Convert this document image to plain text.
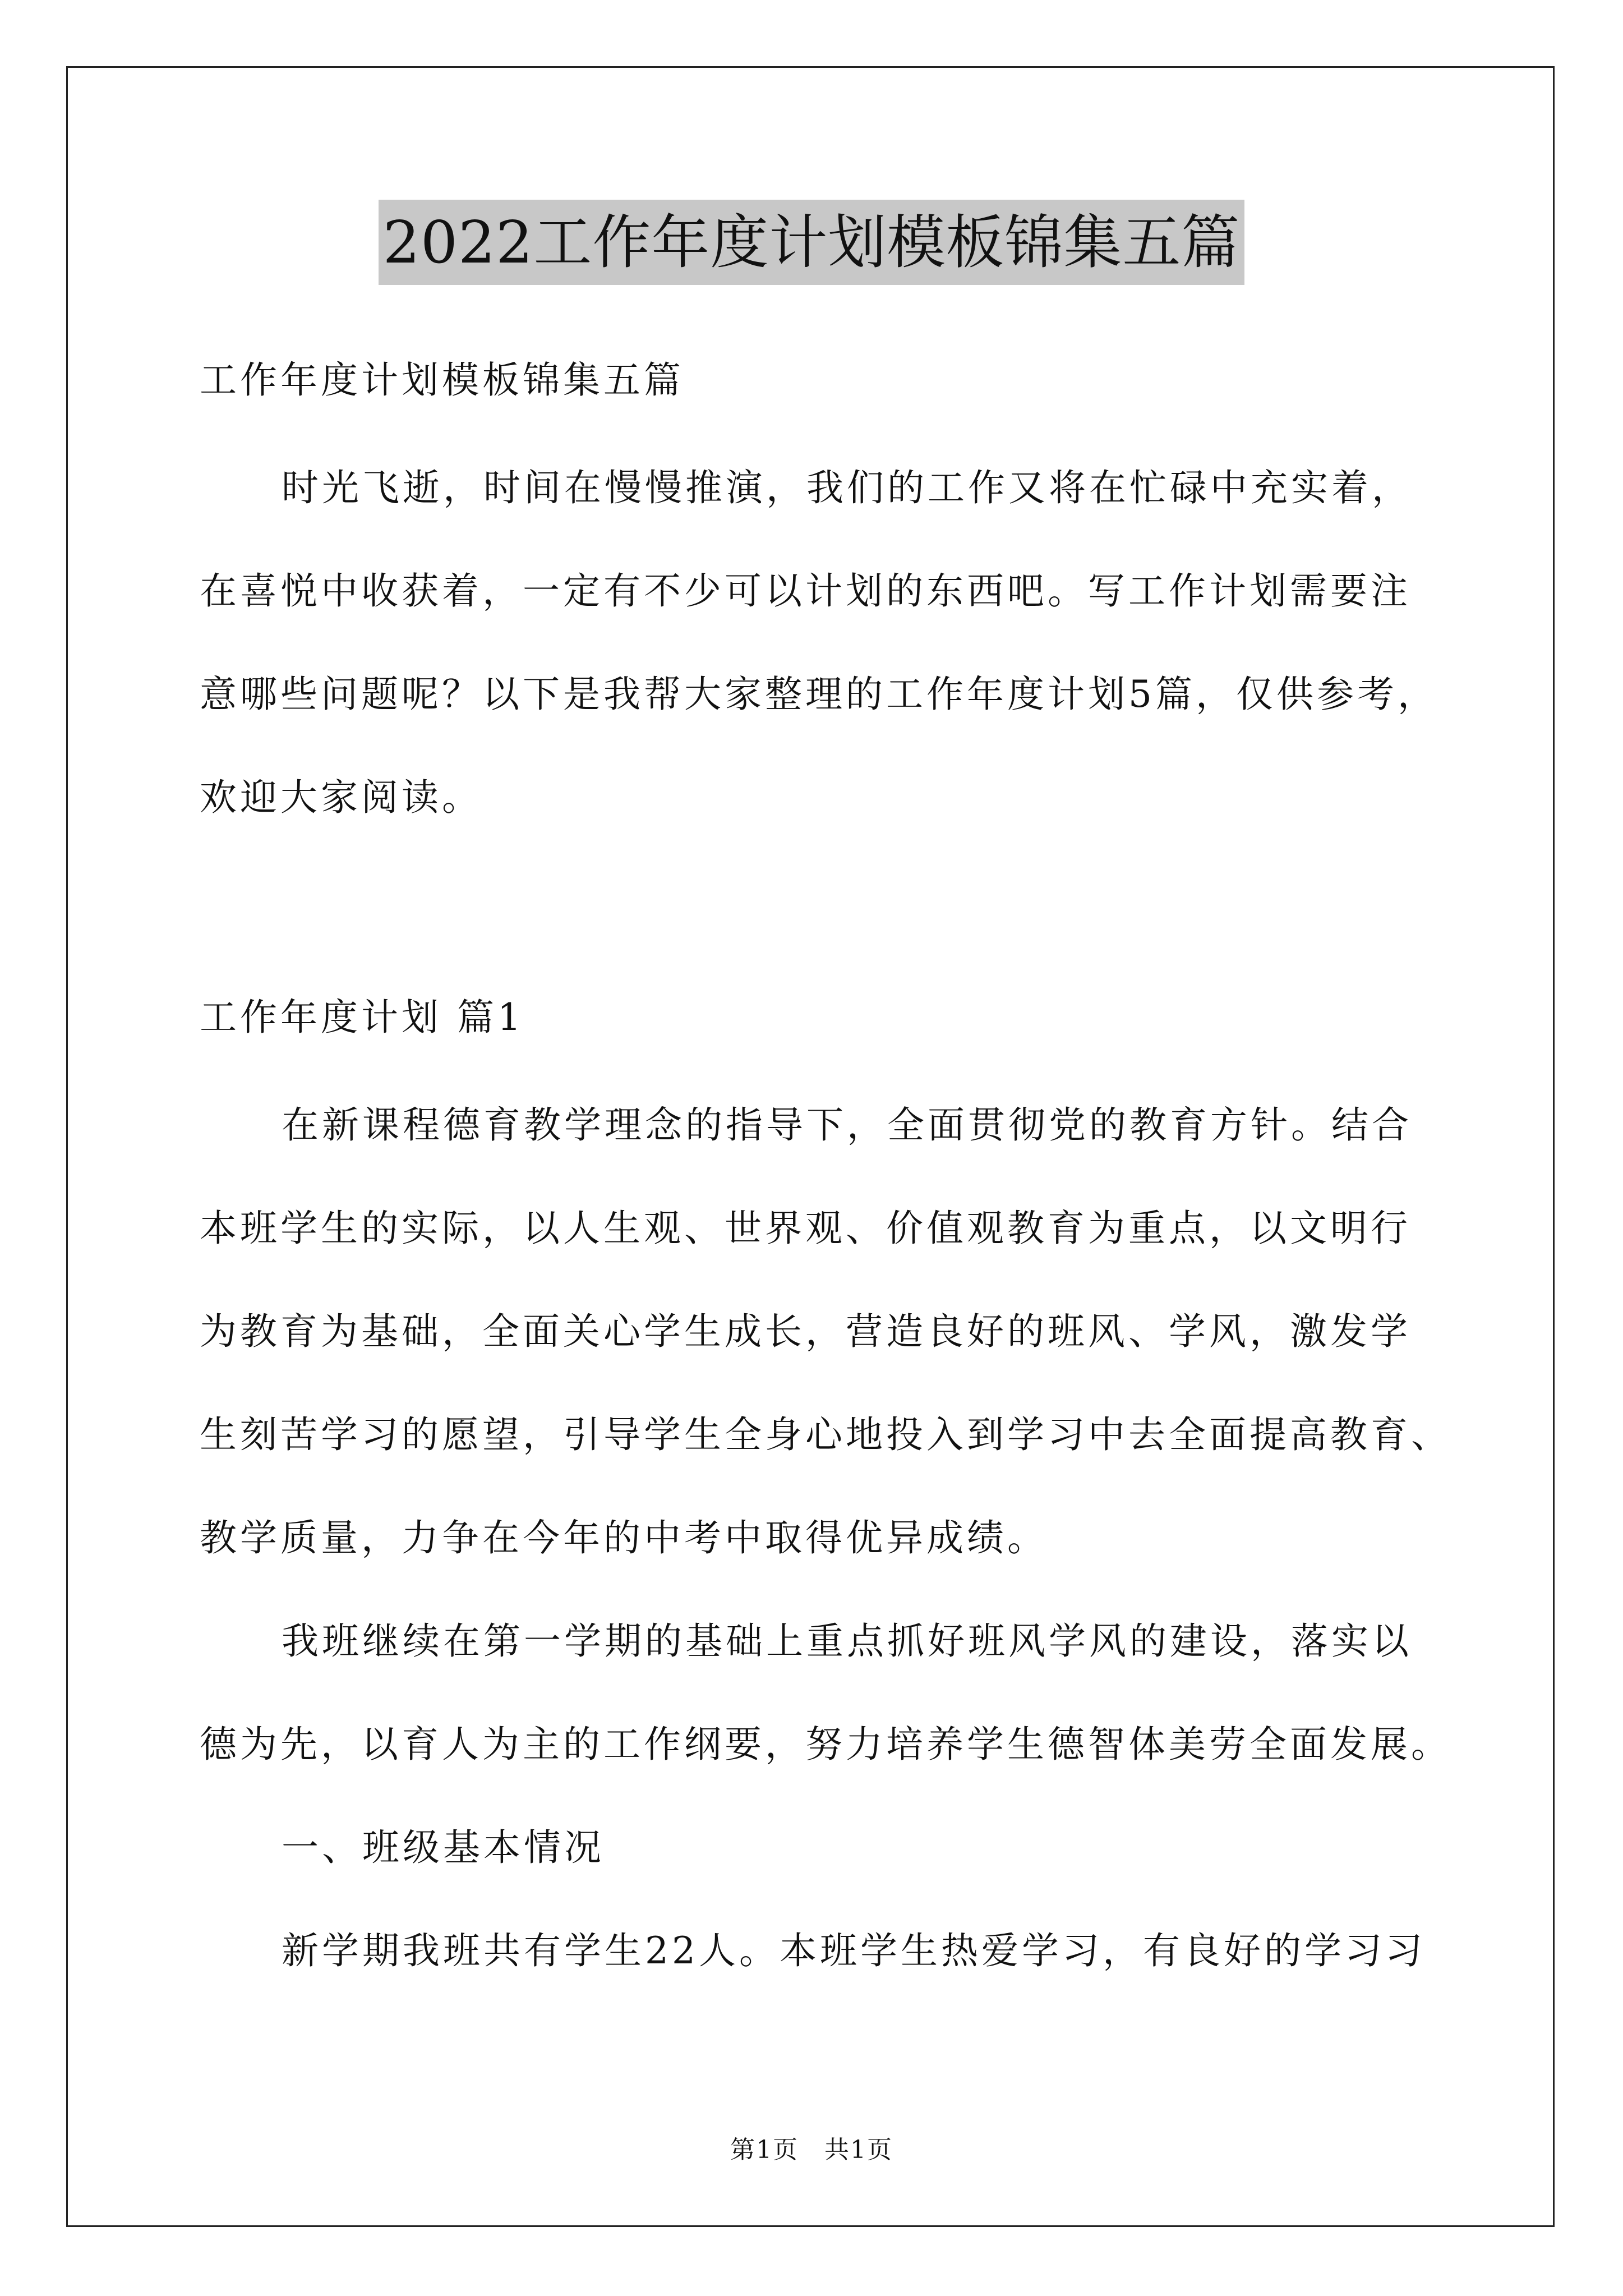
2022工作年度计划模板锦集五篇
工作年度计划模板锦集五篇
时光飞逝，时间在慢慢推演，我们的工作又将在忙碌中充实着，
在喜悦中收获着，一定有不少可以计划的东西吧。写工作计划需要注
意哪些问题呢？以下是我帮大家整理的工作年度计划5篇，仅供参考，
欢迎大家阅读。
工作年度计划 篇1
在新课程德育教学理念的指导下，全面贯彻党的教育方针。结合
本班学生的实际，以人生观、世界观、价值观教育为重点，以文明行
为教育为基础，全面关心学生成长，营造良好的班风、学风，激发学
生刻苦学习的愿望，引导学生全身心地投入到学习中去全面提高教育、
教学质量，力争在今年的中考中取得优异成绩。
我班继续在第一学期的基础上重点抓好班风学风的建设，落实以
德为先，以育人为主的工作纲要，努力培养学生德智体美劳全面发展。
一、班级基本情况
新学期我班共有学生22人。本班学生热爱学习，有良好的学习习
第1页 共1页
